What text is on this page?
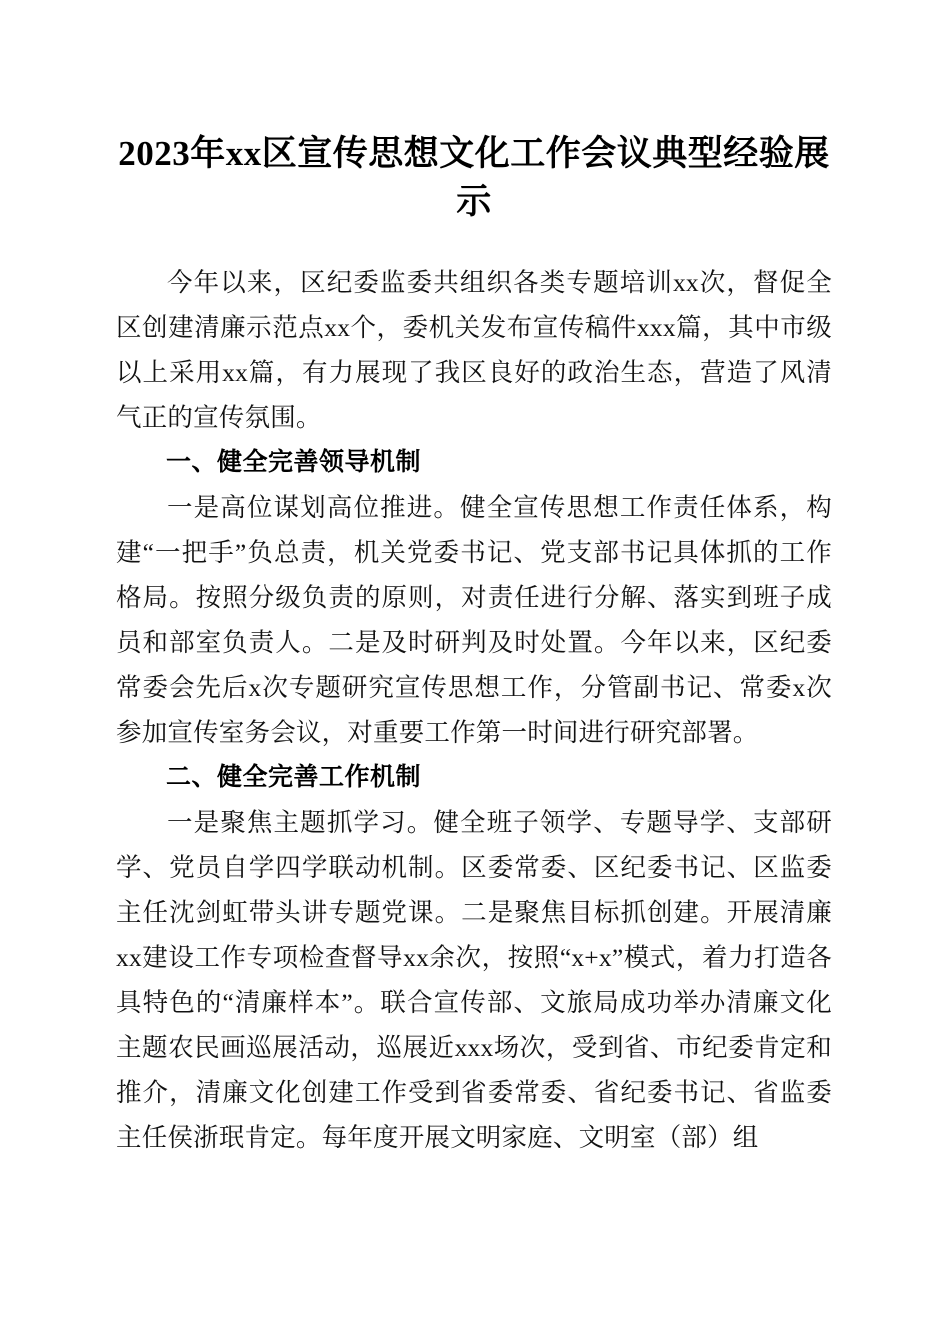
2023年xx区宣传思想文化工作会议典型经验展示

今年以来，区纪委监委共组织各类专题培训xx次，督促全区创建清廉示范点xx个，委机关发布宣传稿件xxx篇，其中市级以上采用xx篇，有力展现了我区良好的政治生态，营造了风清气正的宣传氛围。

一、健全完善领导机制

一是高位谋划高位推进。健全宣传思想工作责任体系，构建“一把手”负总责，机关党委书记、党支部书记具体抓的工作格局。按照分级负责的原则，对责任进行分解、落实到班子成员和部室负责人。二是及时研判及时处置。今年以来，区纪委常委会先后x次专题研究宣传思想工作，分管副书记、常委x次参加宣传室务会议，对重要工作第一时间进行研究部署。

二、健全完善工作机制

一是聚焦主题抓学习。健全班子领学、专题导学、支部研学、党员自学四学联动机制。区委常委、区纪委书记、区监委主任沈剑虹带头讲专题党课。二是聚焦目标抓创建。开展清廉xx建设工作专项检查督导xx余次，按照“x+x”模式，着力打造各具特色的“清廉样本”。联合宣传部、文旅局成功举办清廉文化主题农民画巡展活动，巡展近xxx场次，受到省、市纪委肯定和推介，清廉文化创建工作受到省委常委、省纪委书记、省监委主任侯浙珉肯定。每年度开展文明家庭、文明室（部）组
